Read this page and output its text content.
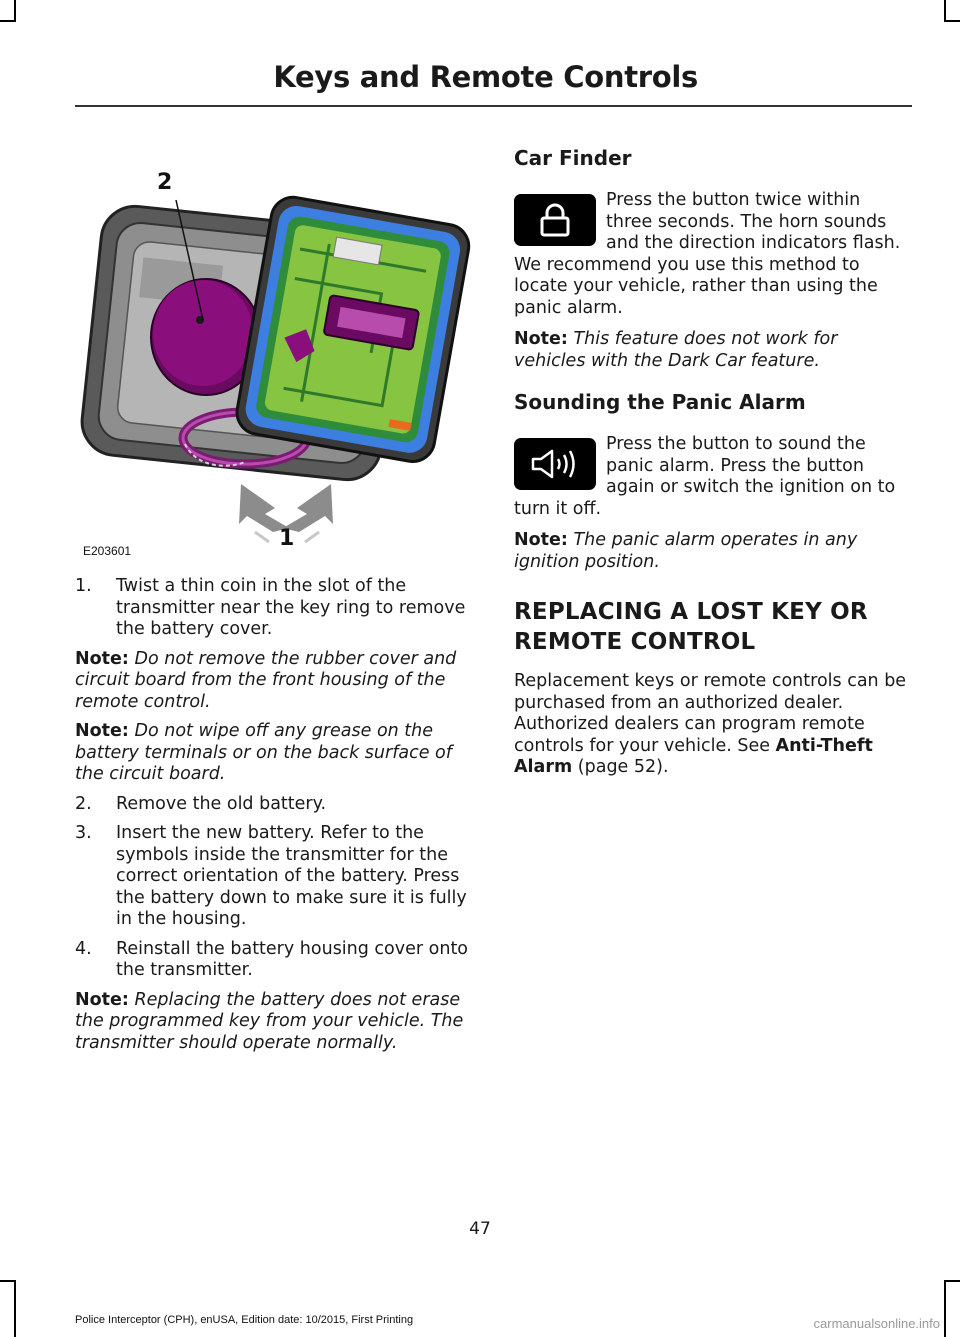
Keys and Remote Controls
2
1
E203601
1. Twist a thin coin in the slot of the transmitter near the key ring to remove the battery cover.

Note: Do not remove the rubber cover and circuit board from the front housing of the remote control.

Note: Do not wipe off any grease on the battery terminals or on the back surface of the circuit board.

2. Remove the old battery.
3. Insert the new battery. Refer to the symbols inside the transmitter for the correct orientation of the battery. Press the battery down to make sure it is fully in the housing.
4. Reinstall the battery housing cover onto the transmitter.

Note: Replacing the battery does not erase the programmed key from your vehicle. The transmitter should operate normally.

Car Finder

Press the button twice within three seconds. The horn sounds and the direction indicators flash. We recommend you use this method to locate your vehicle, rather than using the panic alarm.

Note: This feature does not work for vehicles with the Dark Car feature.

Sounding the Panic Alarm

Press the button to sound the panic alarm. Press the button again or switch the ignition on to turn it off.

Note: The panic alarm operates in any ignition position.

REPLACING A LOST KEY OR
REMOTE CONTROL

Replacement keys or remote controls can be purchased from an authorized dealer. Authorized dealers can program remote controls for your vehicle. See Anti-Theft Alarm (page 52).

47
Police Interceptor (CPH), enUSA, Edition date: 10/2015, First Printing	carmanualsonline.info
